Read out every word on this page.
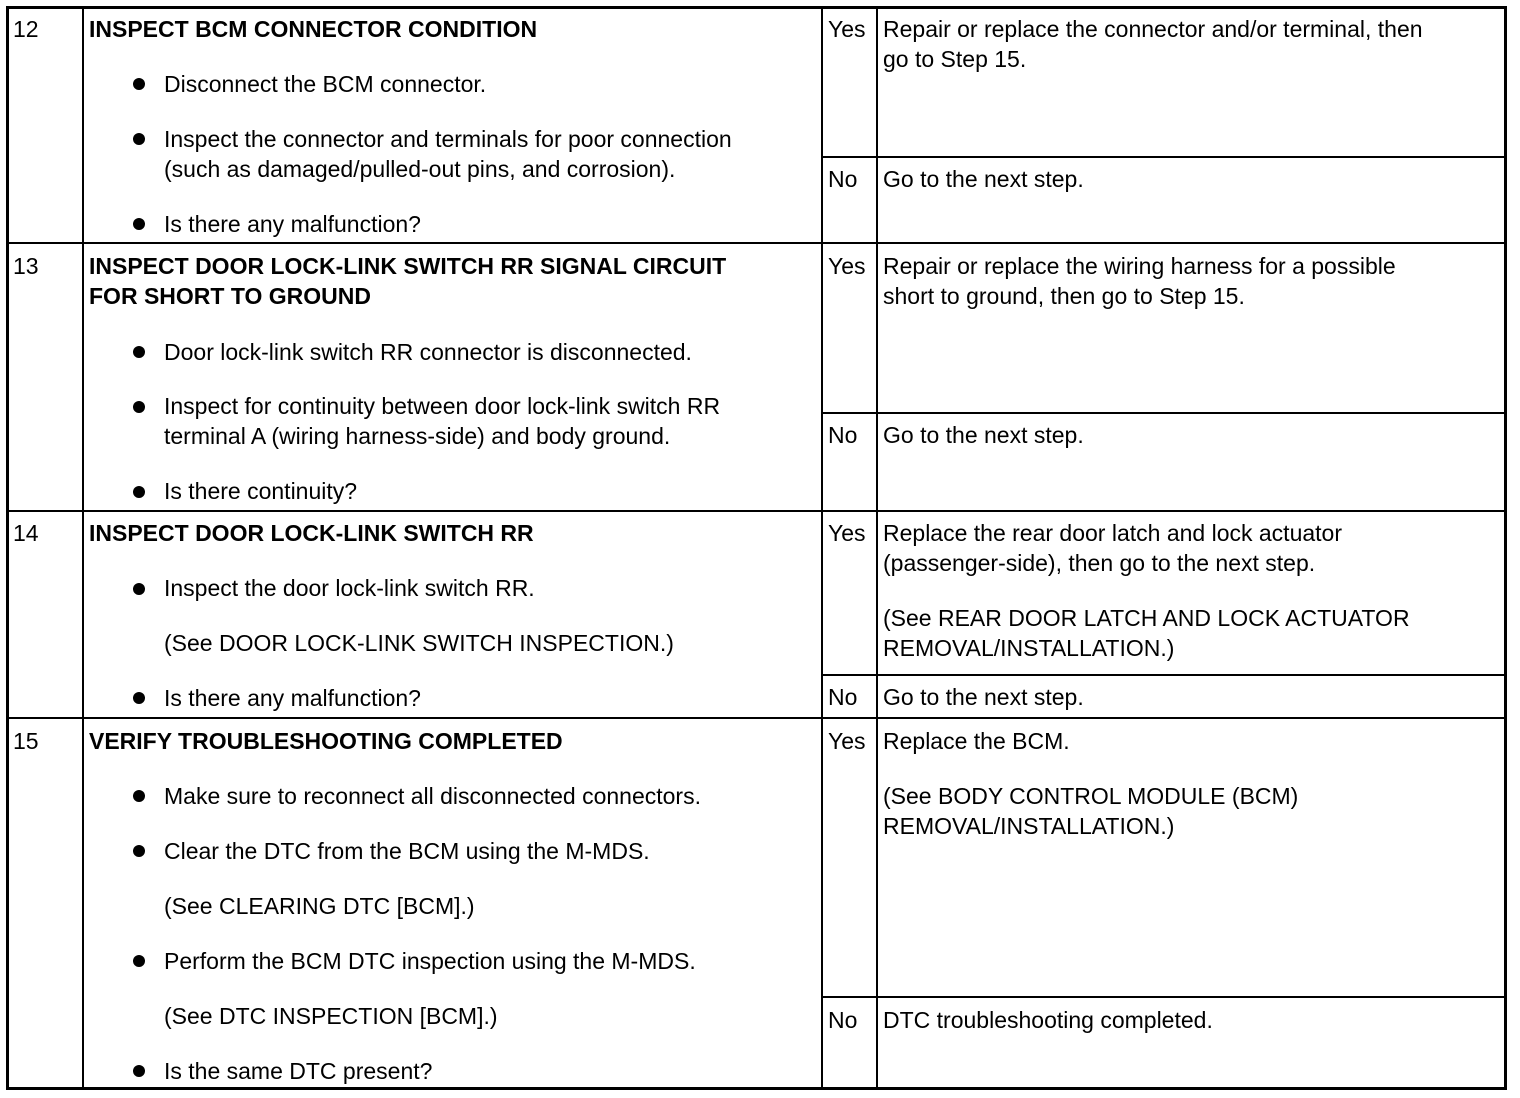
12 INSPECT BCM CONNECTOR CONDITION
Disconnect the BCM connector.
Inspect the connector and terminals for poor connection
(such as damaged/pulled-out pins, and corrosion).
Is there any malfunction?
Yes Repair or replace the connector and/or terminal, then
go to Step 15.
No Go to the next step.
13 INSPECT DOOR LOCK-LINK SWITCH RR SIGNAL CIRCUIT
FOR SHORT TO GROUND
Door lock-link switch RR connector is disconnected.
Inspect for continuity between door lock-link switch RR
terminal A (wiring harness-side) and body ground.
Is there continuity?
Yes Repair or replace the wiring harness for a possible
short to ground, then go to Step 15.
No Go to the next step.
14 INSPECT DOOR LOCK-LINK SWITCH RR
Inspect the door lock-link switch RR.
(See DOOR LOCK-LINK SWITCH INSPECTION.)
Is there any malfunction?
Yes Replace the rear door latch and lock actuator
(passenger-side), then go to the next step.
(See REAR DOOR LATCH AND LOCK ACTUATOR
REMOVAL/INSTALLATION.)
No Go to the next step.
15 VERIFY TROUBLESHOOTING COMPLETED
Make sure to reconnect all disconnected connectors.
Clear the DTC from the BCM using the M-MDS.
(See CLEARING DTC [BCM].)
Perform the BCM DTC inspection using the M-MDS.
(See DTC INSPECTION [BCM].)
Is the same DTC present?
Yes Replace the BCM.
(See BODY CONTROL MODULE (BCM)
REMOVAL/INSTALLATION.)
No DTC troubleshooting completed.
